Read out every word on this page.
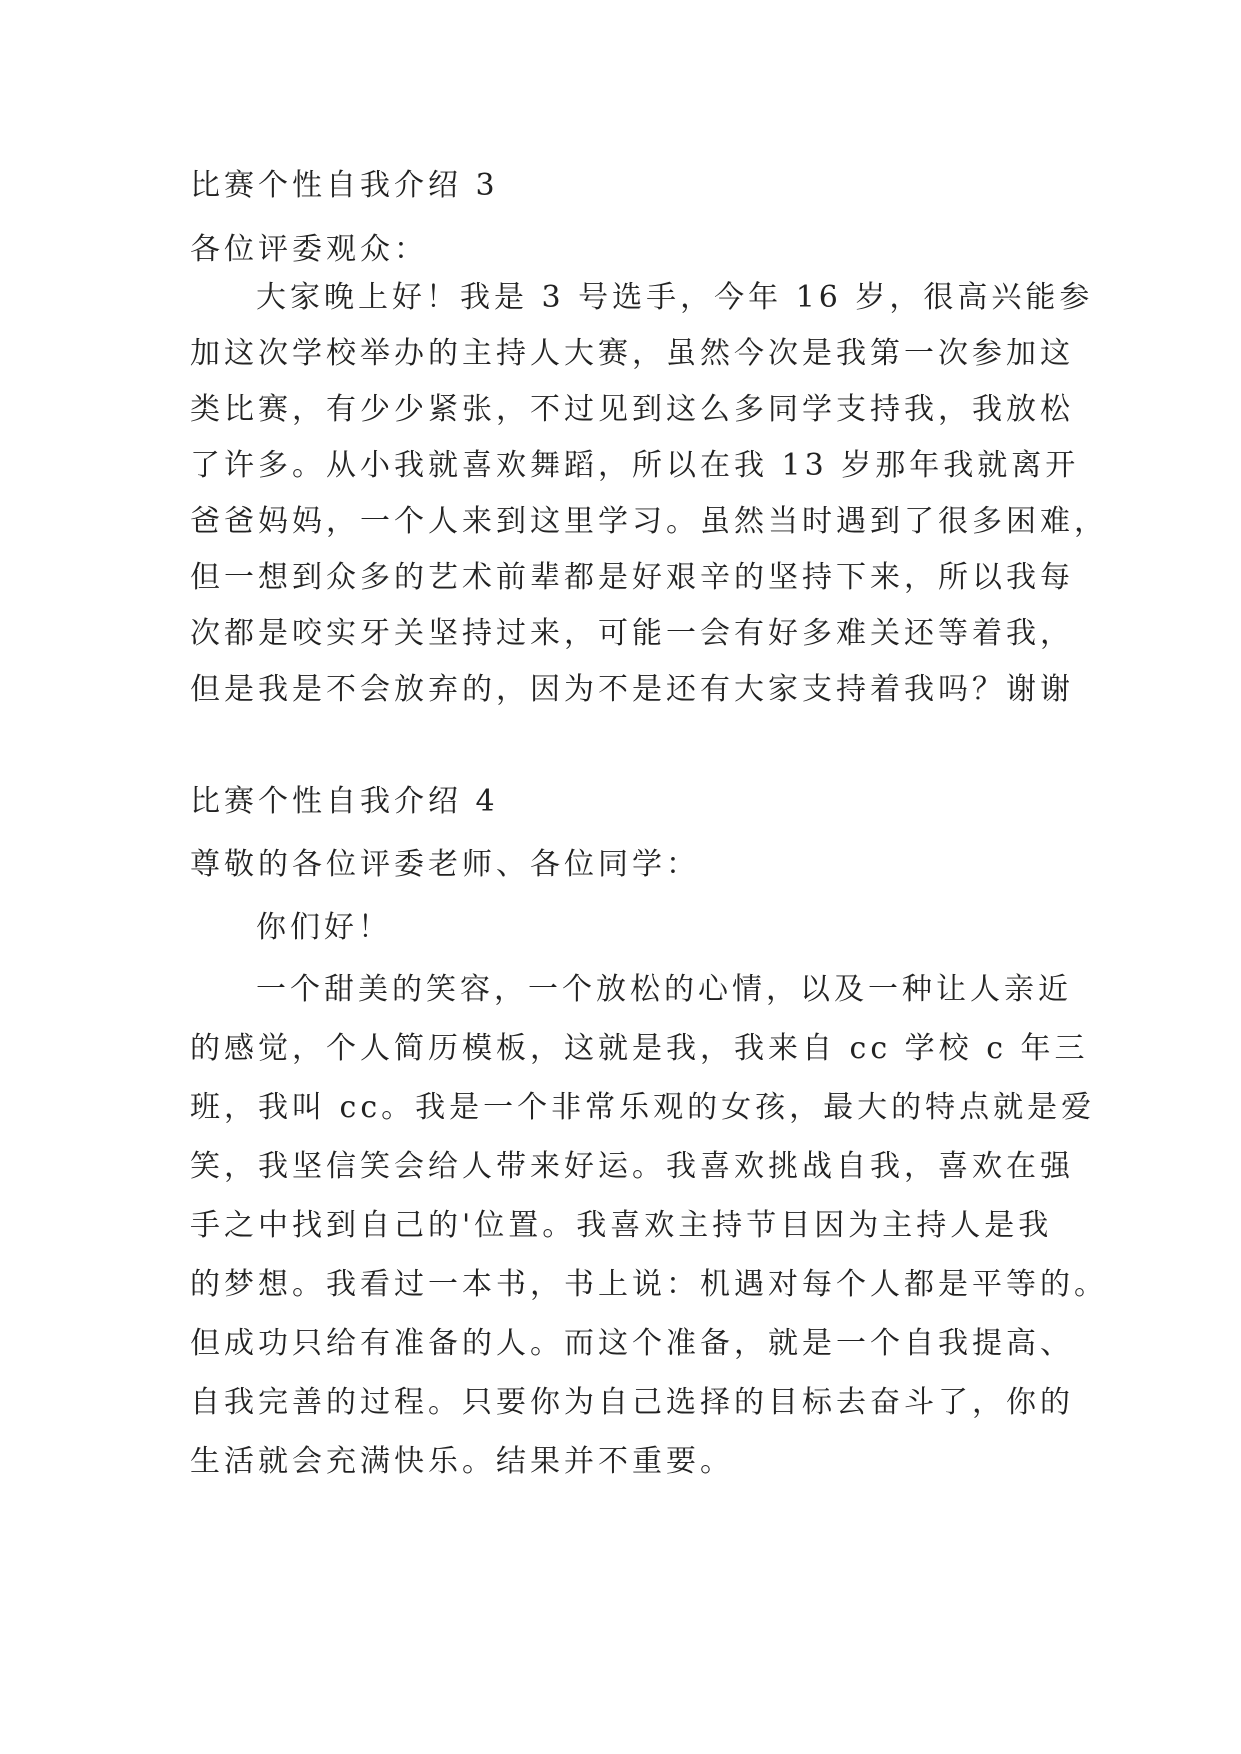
比赛个性自我介绍 3
各位评委观众：
大家晚上好！我是 3 号选手，今年 16 岁，很高兴能参
加这次学校举办的主持人大赛，虽然今次是我第一次参加这
类比赛，有少少紧张，不过见到这么多同学支持我，我放松
了许多。从小我就喜欢舞蹈，所以在我 13 岁那年我就离开
爸爸妈妈，一个人来到这里学习。虽然当时遇到了很多困难，
但一想到众多的艺术前辈都是好艰辛的坚持下来，所以我每
次都是咬实牙关坚持过来，可能一会有好多难关还等着我，
但是我是不会放弃的，因为不是还有大家支持着我吗？谢谢
比赛个性自我介绍 4
尊敬的各位评委老师、各位同学：
你们好！
一个甜美的笑容，一个放松的心情，以及一种让人亲近
的感觉，个人简历模板，这就是我，我来自 cc 学校 c 年三
班，我叫 cc。我是一个非常乐观的女孩，最大的特点就是爱
笑，我坚信笑会给人带来好运。我喜欢挑战自我，喜欢在强
手之中找到自己的'位置。我喜欢主持节目因为主持人是我
的梦想。我看过一本书，书上说：机遇对每个人都是平等的。
但成功只给有准备的人。而这个准备，就是一个自我提高、
自我完善的过程。只要你为自己选择的目标去奋斗了，你的
生活就会充满快乐。结果并不重要。
